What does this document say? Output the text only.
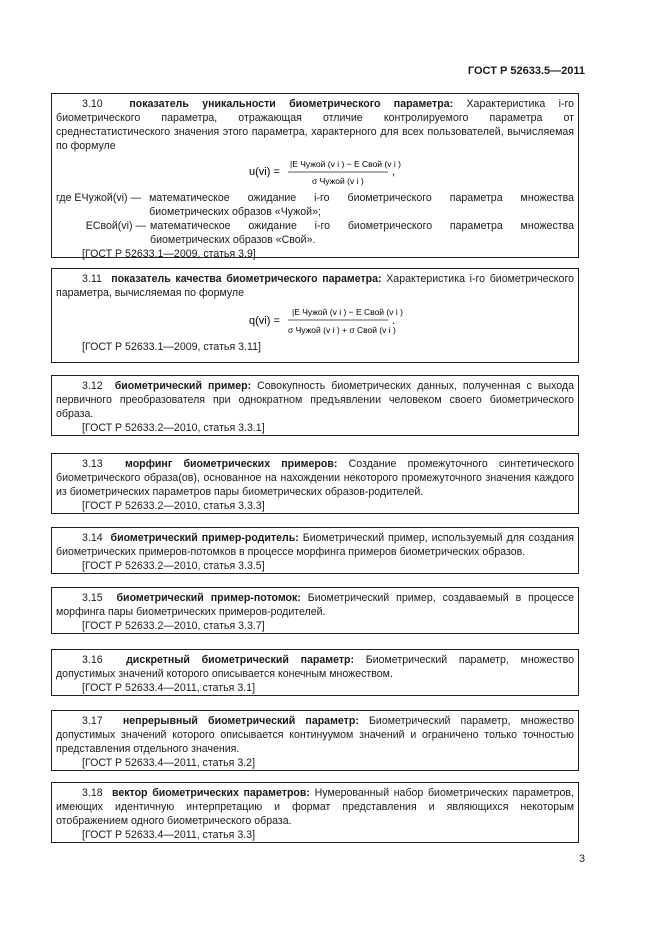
ГОСТ Р 52633.5—2011

3.10	показатель уникальности биометрического параметра: Характеристика i-го биометрического параметра, отражающая отличие контролируемого параметра от среднестатистического значения этого параметра, характерного для всех пользователей, вычисляемая по формуле

u(vi) =
|E Чужой (v i ) − E Свой (v i )
,
σ Чужой (v i )
где EЧужой(vi) — математическое ожидание i-го биометрического параметра множества биометрических образов «Чужой»;
EСвой(vi) — математическое ожидание i-го биометрического параметра множества биометрических образов «Свой».

[ГОСТ Р 52633.1—2009, статья 3.9]

3.11 показатель качества биометрического параметра: Характеристика i-го биометрического параметра, вычисляемая по формуле

q(vi) =
|E Чужой (v i ) − E Свой (v i )
.
σ Чужой (v i ) + σ Свой (v i )

[ГОСТ Р 52633.1—2009, статья 3.11]

3.12 биометрический пример: Совокупность биометрических данных, полученная с выхода первичного преобразователя при однократном предъявлении человеком своего биометрического образа.

[ГОСТ Р 52633.2—2010, статья 3.3.1]

3.13 морфинг биометрических примеров: Создание промежуточного синтетического биометрического образа(ов), основанное на нахождении некоторого промежуточного значения каждого из биометрических параметров пары биометрических образов-родителей.

[ГОСТ Р 52633.2—2010, статья 3.3.3]

3.14 биометрический пример-родитель: Биометрический пример, используемый для создания биометрических примеров-потомков в процессе морфинга примеров биометрических образов.

[ГОСТ Р 52633.2—2010, статья 3.3.5]

3.15 биометрический пример-потомок: Биометрический пример, создаваемый в процессе морфинга пары биометрических примеров-родителей.

[ГОСТ Р 52633.2—2010, статья 3.3.7]

3.16 дискретный биометрический параметр: Биометрический параметр, множество допустимых значений которого описывается конечным множеством.

[ГОСТ Р 52633.4—2011, статья 3.1]

3.17 непрерывный биометрический параметр: Биометрический параметр, множество допустимых значений которого описывается континуумом значений и ограничено только точностью представления отдельного значения.

[ГОСТ Р 52633.4—2011, статья 3.2]

3.18 вектор биометрических параметров: Нумерованный набор биометрических параметров, имеющих идентичную интерпретацию и формат представления и являющихся некоторым отображением одного биометрического образа.

[ГОСТ Р 52633.4—2011, статья 3.3]

3
